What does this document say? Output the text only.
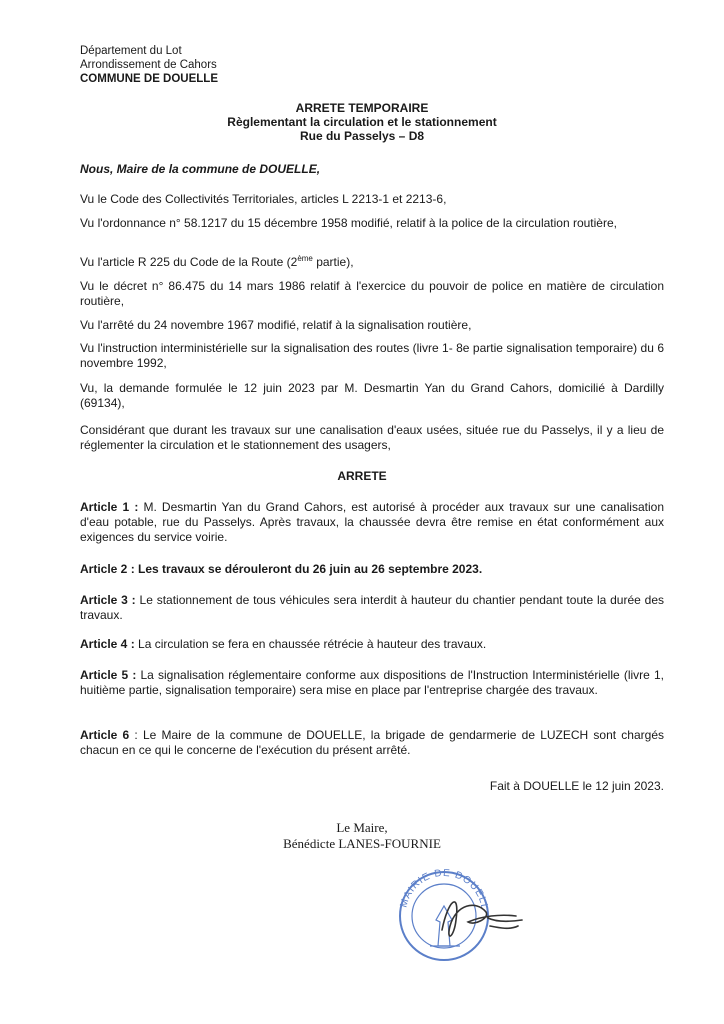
Département du Lot
Arrondissement de Cahors
COMMUNE DE DOUELLE
ARRETE TEMPORAIRE
Règlementant la circulation et le stationnement
Rue du Passelys – D8
Nous, Maire de la commune de DOUELLE,

Vu le Code des Collectivités Territoriales, articles L 2213-1 et 2213-6,

Vu l'ordonnance n° 58.1217 du 15 décembre 1958 modifié, relatif à la police de la circulation routière,

Vu l'article R 225 du Code de la Route (2ème partie),

Vu le décret n° 86.475 du 14 mars 1986 relatif à l'exercice du pouvoir de police en matière de circulation routière,

Vu l'arrêté du 24 novembre 1967 modifié, relatif à la signalisation routière,

Vu l'instruction interministérielle sur la signalisation des routes (livre 1- 8e partie signalisation temporaire) du 6 novembre 1992,

Vu, la demande formulée le 12 juin 2023 par M. Desmartin Yan du Grand Cahors, domicilié à Dardilly (69134),

Considérant que durant les travaux sur une canalisation d'eaux usées, située rue du Passelys, il y a lieu de réglementer la circulation et le stationnement des usagers,

ARRETE

Article 1 : M. Desmartin Yan du Grand Cahors, est autorisé à procéder aux travaux sur une canalisation d'eau potable, rue du Passelys. Après travaux, la chaussée devra être remise en état conformément aux exigences du service voirie.

Article 2 : Les travaux se dérouleront du 26 juin au 26 septembre 2023.

Article 3 : Le stationnement de tous véhicules sera interdit à hauteur du chantier pendant toute la durée des travaux.

Article 4 : La circulation se fera en chaussée rétrécie à hauteur des travaux.

Article 5 : La signalisation réglementaire conforme aux dispositions de l'Instruction Interministérielle (livre 1, huitième partie, signalisation temporaire) sera mise en place par l'entreprise chargée des travaux.

Article 6 : Le Maire de la commune de DOUELLE, la brigade de gendarmerie de LUZECH sont chargés chacun en ce qui le concerne de l'exécution du présent arrêté.

Fait à DOUELLE le 12 juin 2023.
Le Maire,
Bénédicte LANES-FOURNIE
MAIRIE DE DOUELL
